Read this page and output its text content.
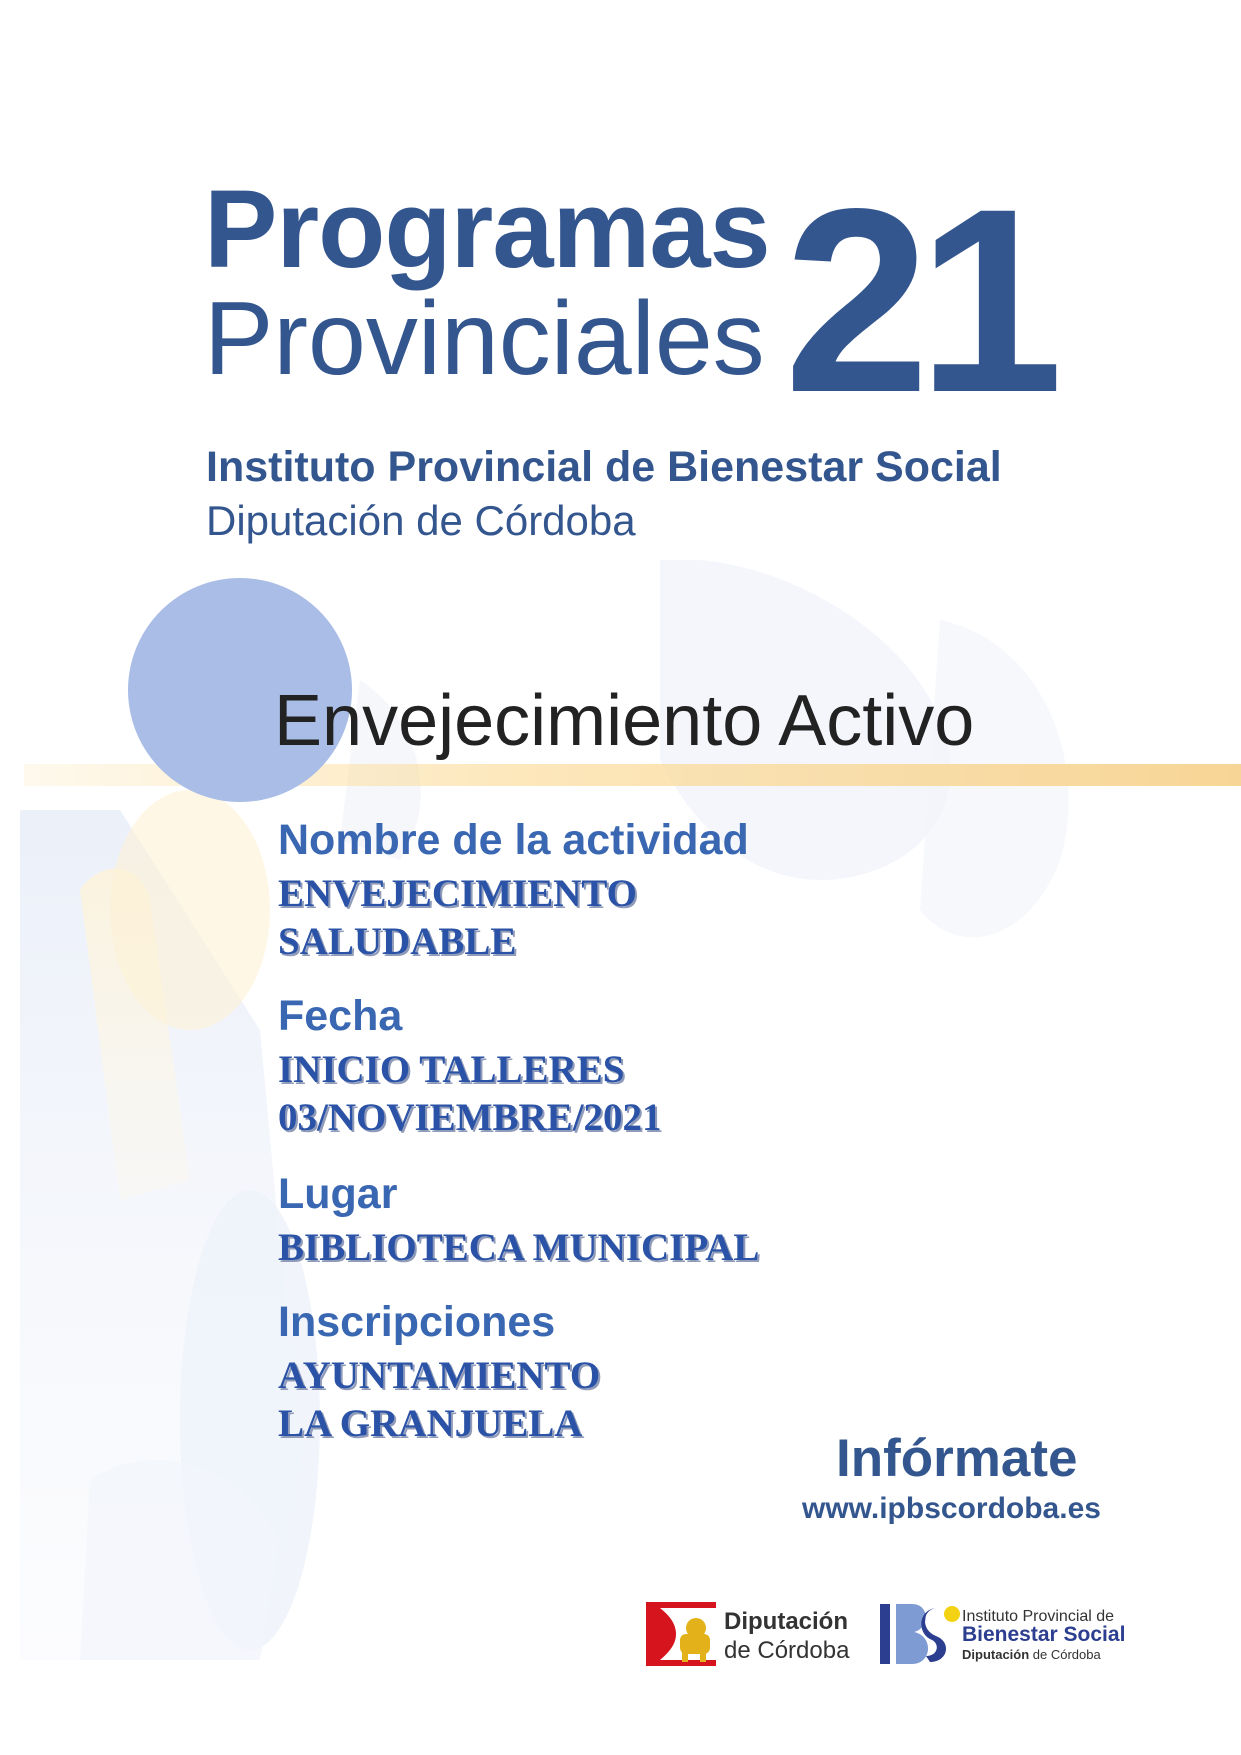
Programas
Provinciales 21
Instituto Provincial de Bienestar Social
Diputación de Córdoba
Envejecimiento Activo
Nombre de la actividad
ENVEJECIMIENTO
SALUDABLE
Fecha
INICIO TALLERES
03/NOVIEMBRE/2021
Lugar
BIBLIOTECA MUNICIPAL
Inscripciones
AYUNTAMIENTO
LA GRANJUELA
Infórmate
www.ipbscordoba.es
Diputación
de Córdoba
Instituto Provincial de
Bienestar Social
Diputación de Córdoba
